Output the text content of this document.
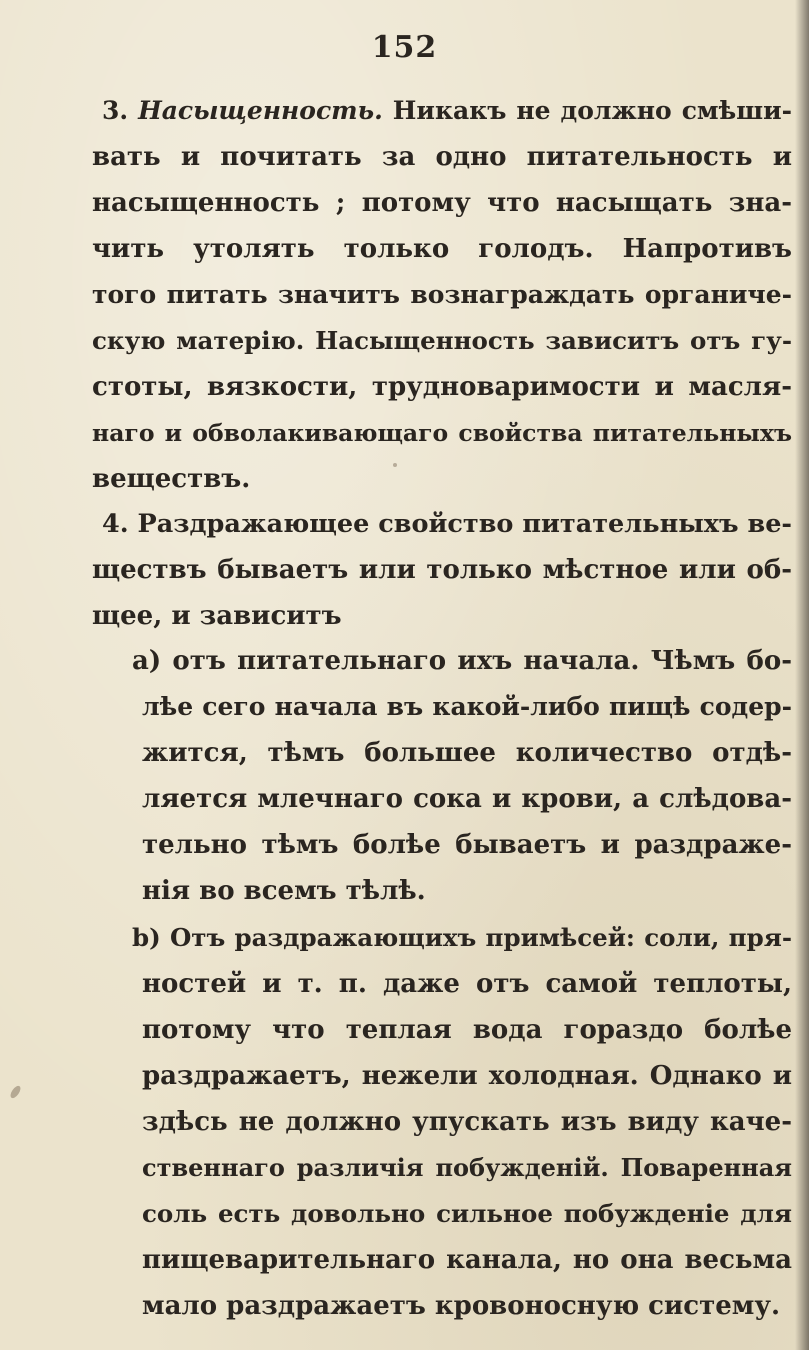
152
3. Насыщенность. Никакъ не должно смѣши-
вать и почитать за одно питательность и
насыщенность ; потому что насыщать зна-
чить утолять только голодъ. Напротивъ
того питать значитъ вознаграждать органиче-
скую матерію. Насыщенность зависитъ отъ гу-
стоты, вязкости, трудноваримости и масля-
наго и обволакивающаго свойства питательныхъ
веществъ.
4. Раздражающее свойство питательныхъ ве-
ществъ бываетъ или только мѣстное или об-
щее, и зависитъ
a) отъ питательнаго ихъ начала. Чѣмъ бо-
лѣе сего начала въ какой-либо пищѣ содер-
жится, тѣмъ большее количество отдѣ-
ляется млечнаго сока и крови, а слѣдова-
тельно тѣмъ болѣе бываетъ и раздраже-
нія во всемъ тѣлѣ.
b) Отъ раздражающихъ примѣсей: соли, пря-
ностей и т. п. даже отъ самой теплоты,
потому что теплая вода гораздо болѣе
раздражаетъ, нежели холодная. Однако и
здѣсь не должно упускать изъ виду каче-
ственнаго различія побужденій. Поваренная
соль есть довольно сильное побужденіе для
пищеварительнаго канала, но она весьма
мало раздражаетъ кровоносную систему.
